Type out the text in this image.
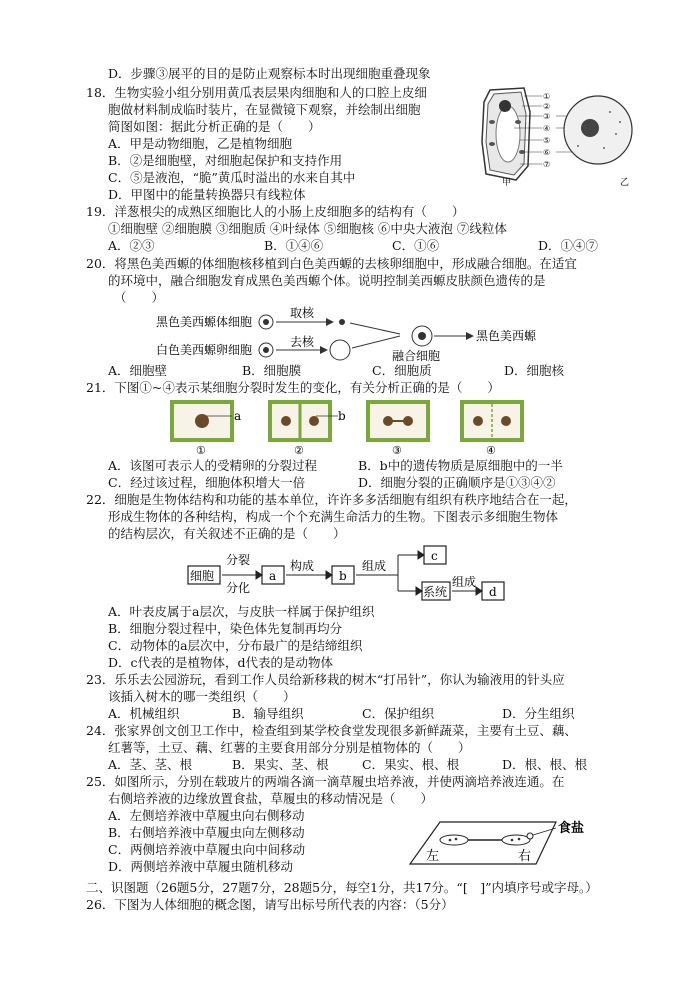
D．步骤③展平的目的是防止观察标本时出现细胞重叠现象
18．生物实验小组分别用黄瓜表层果肉细胞和人的口腔上皮细
胞做材料制成临时装片，在显微镜下观察，并绘制出细胞
简图如图：据此分析正确的是（　　）
A．甲是动物细胞，乙是植物细胞
B．②是细胞壁，对细胞起保护和支持作用
C．⑤是液泡，“脆”黄瓜时溢出的水来自其中
D．甲图中的能量转换器只有线粒体
①
②
③
④
⑤
⑥
⑦
甲	乙
19．洋葱根尖的成熟区细胞比人的小肠上皮细胞多的结构有（　　）
①细胞壁 ②细胞膜 ③细胞质 ④叶绿体 ⑤细胞核 ⑥中央大液泡 ⑦线粒体
A．②③	B．①④⑥	C．①⑥	D．①④⑦
20．将黑色美西螈的体细胞核移植到白色美西螈的去核卵细胞中，形成融合细胞。在适宜
的环境中，融合细胞发育成黑色美西螈个体。说明控制美西螈皮肤颜色遗传的是
（　　）
黑色美西螈体细胞
取核
白色美西螈卵细胞
去核	黑色美西螈
融合细胞
A．细胞壁	B．细胞膜	C．细胞质	D．细胞核
21．下图①~④表示某细胞分裂时发生的变化，有关分析正确的是（　　）
a	b
①	②	③	④
A．该图可表示人的受精卵的分裂过程	B．b中的遗传物质是原细胞中的一半
C．经过该过程，细胞体积增大一倍	D．细胞分裂的正确顺序是①③④②
22．细胞是生物体结构和功能的基本单位，许许多多活细胞有组织有秩序地结合在一起，
形成生物体的各种结构，构成一个个充满生命活力的生物。下图表示多细胞生物体
的结构层次，有关叙述不正确的是（　　）
细胞	a	b
c
系统	d
分裂
分化
构成	组成
组成
A．叶表皮属于a层次，与皮肤一样属于保护组织
B．细胞分裂过程中，染色体先复制再均分
C．动物体的a层次中，分布最广的是结缔组织
D．c代表的是植物体，d代表的是动物体
23．乐乐去公园游玩，看到工作人员给新移栽的树木“打吊针”，你认为输液用的针头应
该插入树木的哪一类组织（　　）
A．机械组织	B．输导组织	C．保护组织	D．分生组织
24．张家界创文创卫工作中，检查组到某学校食堂发现很多新鲜蔬菜，主要有土豆、藕、
红薯等，土豆、藕、红薯的主要食用部分分别是植物体的（　　）
A．茎、茎、根	B．果实、茎、根	C．果实、根、根	D．根、根、根
25．如图所示，分别在载玻片的两端各滴一滴草履虫培养液，并使两滴培养液连通。在
右侧培养液的边缘放置食盐，草履虫的移动情况是（　　）
A．左侧培养液中草履虫向右侧移动
B．右侧培养液中草履虫向左侧移动
C．两侧培养液中草履虫向中间移动
D．两侧培养液中草履虫随机移动
食盐
左	右
二、识图题（26题5分，27题7分，28题5分，每空1分，共17分。“[　]”内填序号或字母。）
26．下图为人体细胞的概念图，请写出标号所代表的内容：（5分）
